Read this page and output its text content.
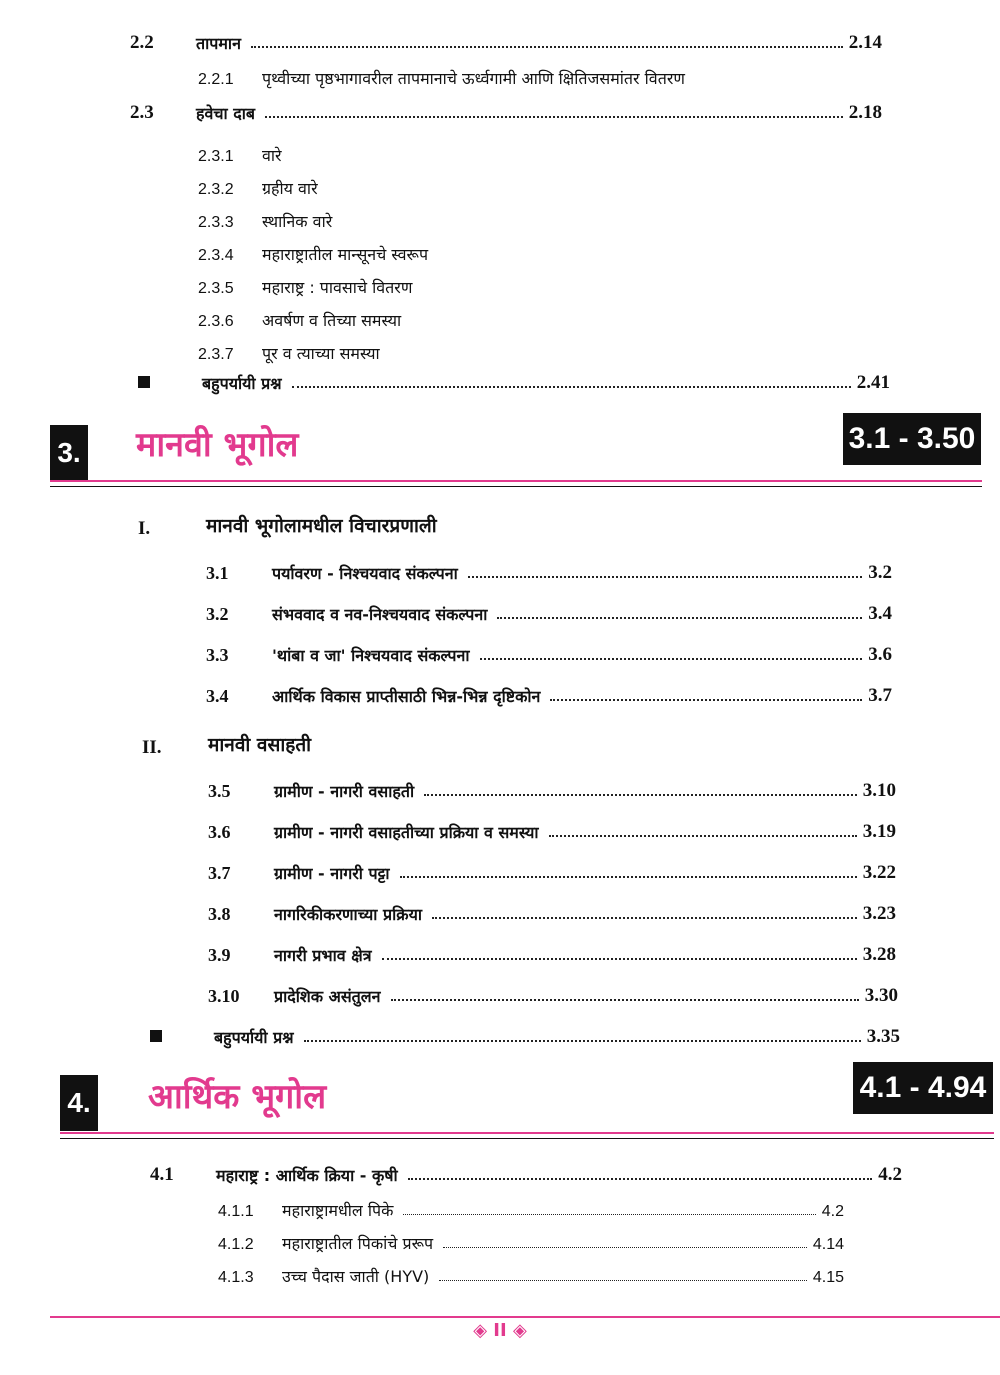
2.2	तापमान	2.14
2.2.1	पृथ्वीच्या पृष्ठभागावरील तापमानाचे ऊर्ध्वगामी आणि क्षितिजसमांतर वितरण
2.3	हवेचा दाब	2.18
2.3.1	वारे
2.3.2	ग्रहीय वारे
2.3.3	स्थानिक वारे
2.3.4	महाराष्ट्रातील मान्सूनचे स्वरूप
2.3.5	महाराष्ट्र : पावसाचे वितरण
2.3.6	अवर्षण व तिच्या समस्या
2.3.7	पूर व त्याच्या समस्या
बहुपर्यायी प्रश्न	2.41
3. मानवी भूगोल	3.1 - 3.50
I.	मानवी भूगोलामधील विचारप्रणाली
3.1	पर्यावरण - निश्चयवाद संकल्पना	3.2
3.2	संभववाद व नव-निश्चयवाद संकल्पना	3.4
3.3	'थांबा व जा' निश्चयवाद संकल्पना	3.6
3.4	आर्थिक विकास प्राप्तीसाठी भिन्न-भिन्न दृष्टिकोन	3.7
II. मानवी वसाहती
3.5	ग्रामीण - नागरी वसाहती	3.10
3.6	ग्रामीण - नागरी वसाहतीच्या प्रक्रिया व समस्या	3.19
3.7	ग्रामीण - नागरी पट्टा	3.22
3.8	नागरिकीकरणाच्या प्रक्रिया	3.23
3.9	नागरी प्रभाव क्षेत्र	3.28
3.10	प्रादेशिक असंतुलन	3.30
बहुपर्यायी प्रश्न	3.35
4. आर्थिक भूगोल	4.1 - 4.94
4.1	महाराष्ट्र : आर्थिक क्रिया - कृषी	4.2
4.1.1	महाराष्ट्रामधील पिके	4.2
4.1.2	महाराष्ट्रातील पिकांचे प्ररूप	4.14
4.1.3	उच्च पैदास जाती (HYV)	4.15
◈ II ◈
